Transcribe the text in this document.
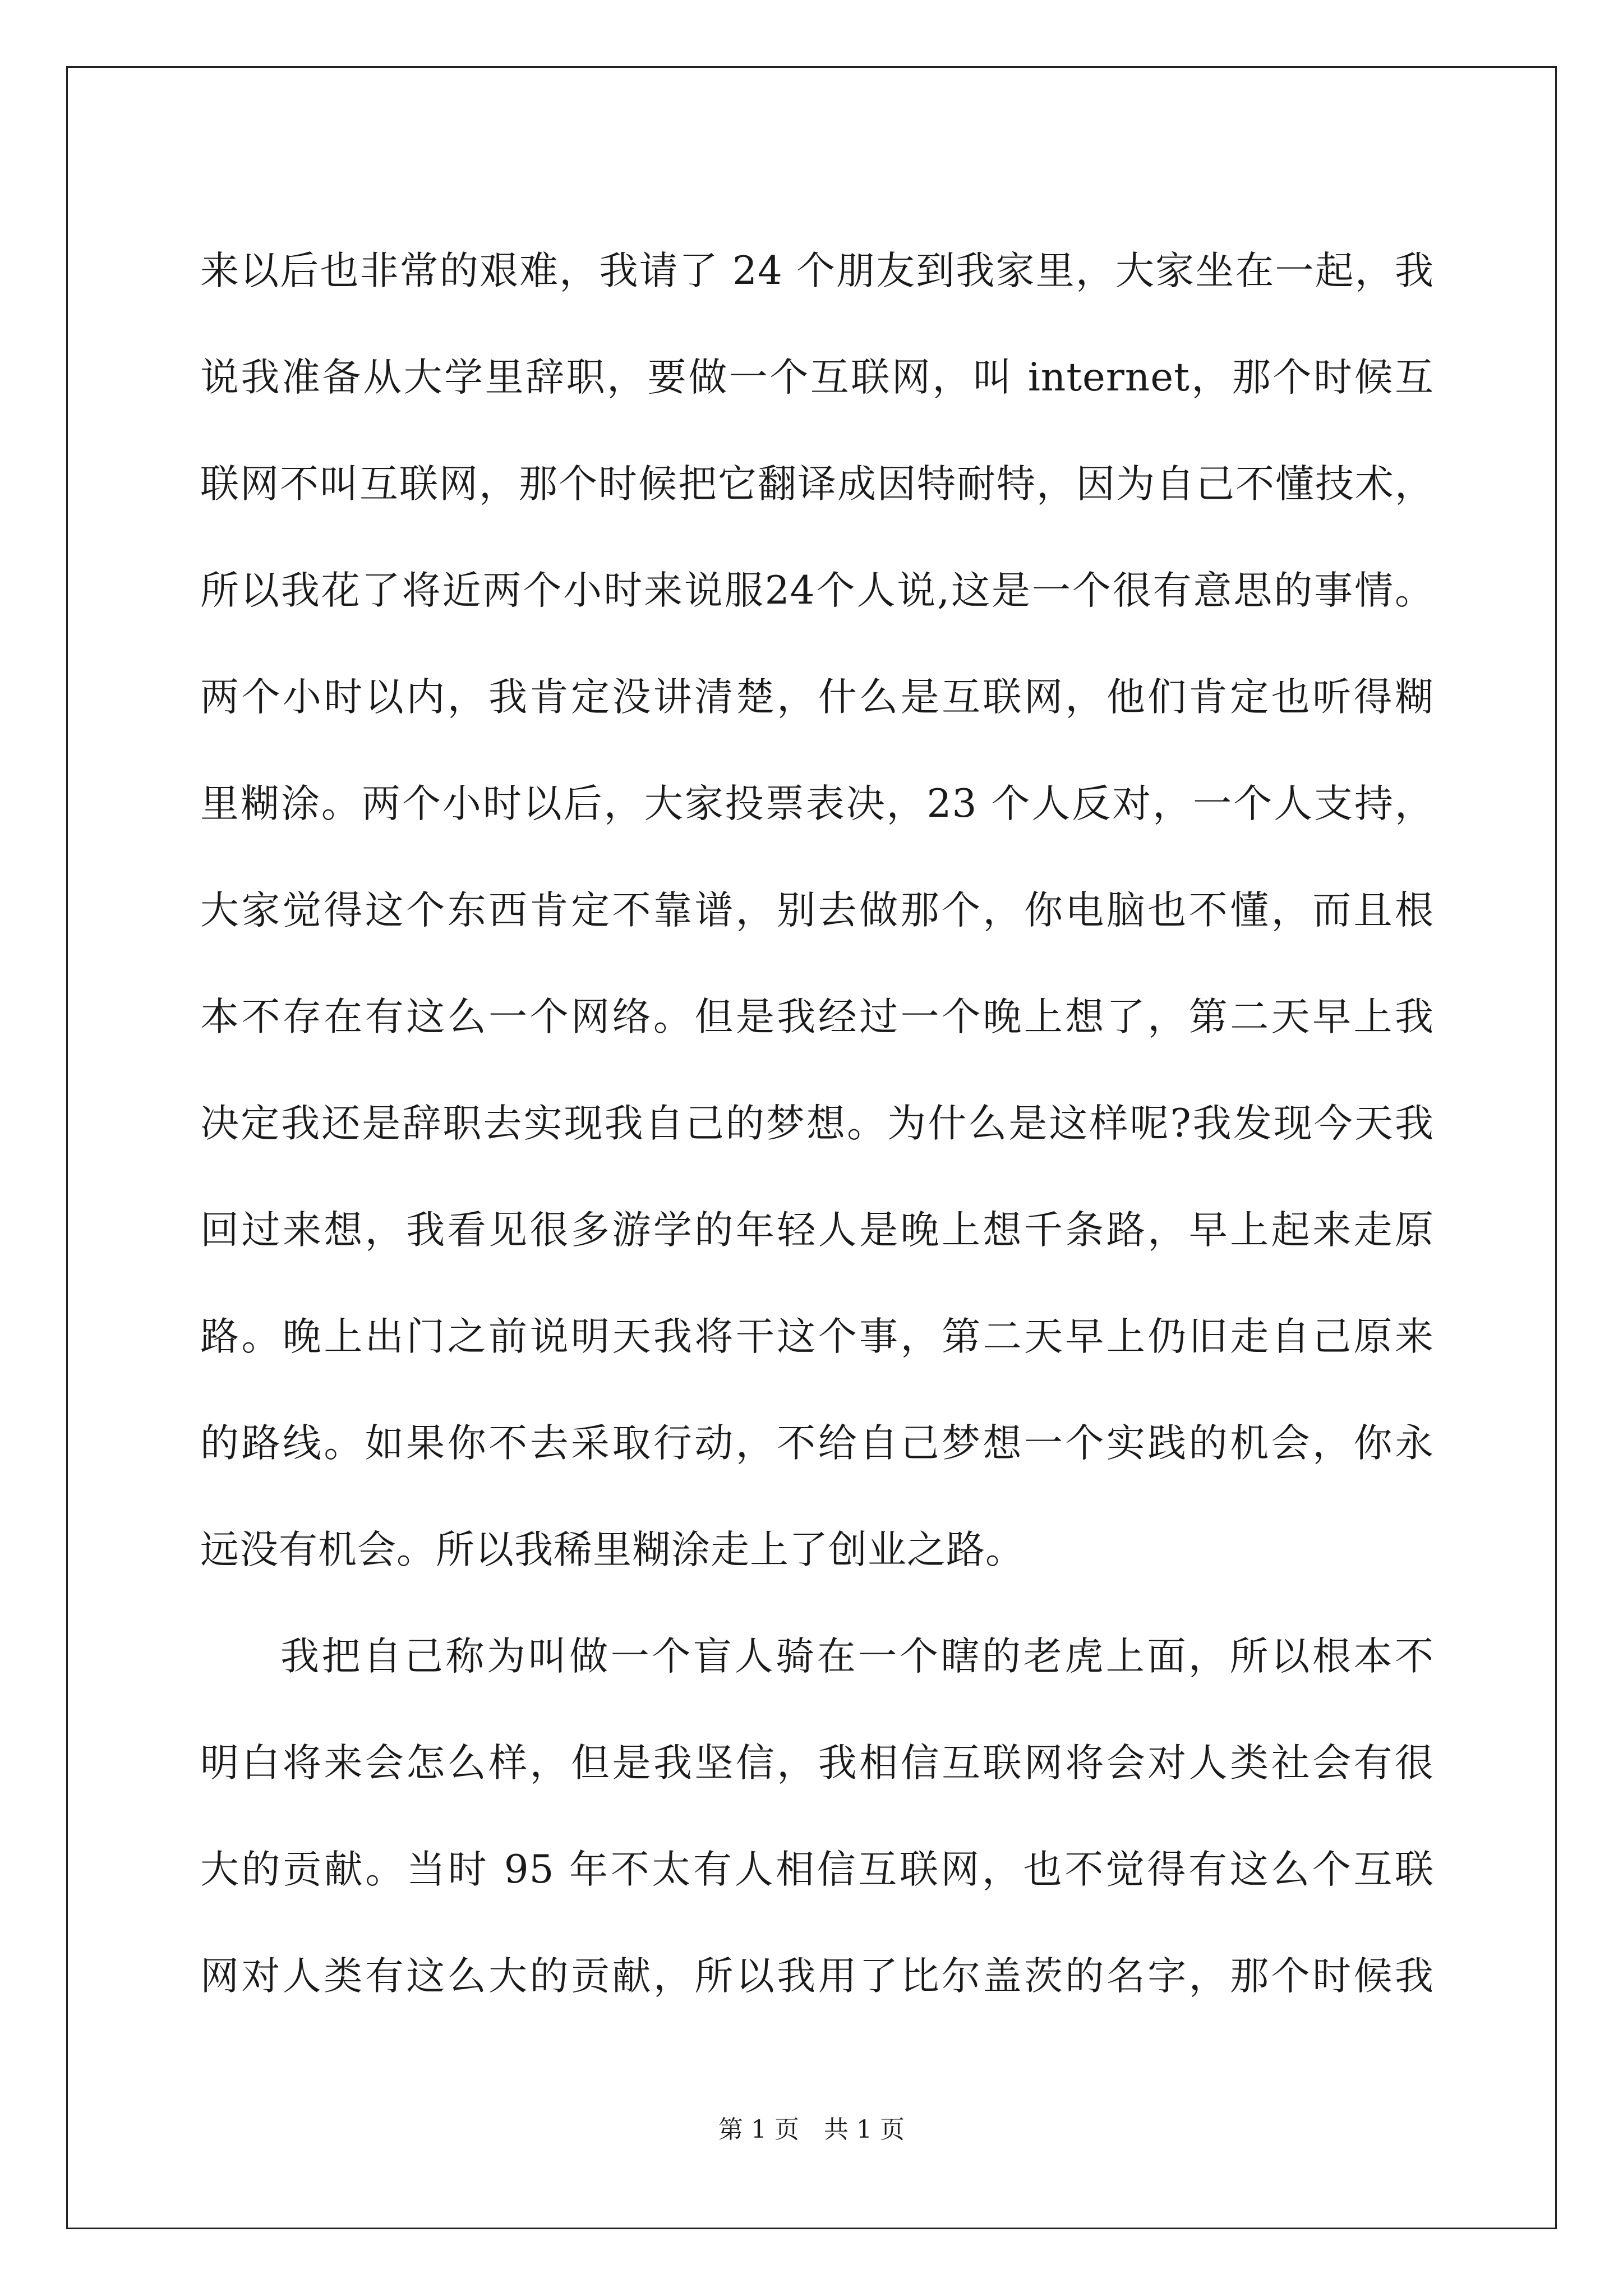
来以后也非常的艰难，我请了 24 个朋友到我家里，大家坐在一起，我
说我准备从大学里辞职，要做一个互联网，叫 internet，那个时候互
联网不叫互联网，那个时候把它翻译成因特耐特，因为自己不懂技术，
所以我花了将近两个小时来说服24个人说,这是一个很有意思的事情。
两个小时以内，我肯定没讲清楚，什么是互联网，他们肯定也听得糊
里糊涂。两个小时以后，大家投票表决，23 个人反对，一个人支持，
大家觉得这个东西肯定不靠谱，别去做那个，你电脑也不懂，而且根
本不存在有这么一个网络。但是我经过一个晚上想了，第二天早上我
决定我还是辞职去实现我自己的梦想。为什么是这样呢?我发现今天我
回过来想，我看见很多游学的年轻人是晚上想千条路，早上起来走原
路。晚上出门之前说明天我将干这个事，第二天早上仍旧走自己原来
的路线。如果你不去采取行动，不给自己梦想一个实践的机会，你永
远没有机会。所以我稀里糊涂走上了创业之路。
我把自己称为叫做一个盲人骑在一个瞎的老虎上面，所以根本不
明白将来会怎么样，但是我坚信，我相信互联网将会对人类社会有很
大的贡献。当时 95 年不太有人相信互联网，也不觉得有这么个互联
网对人类有这么大的贡献，所以我用了比尔盖茨的名字，那个时候我
第 1 页　共 1 页
